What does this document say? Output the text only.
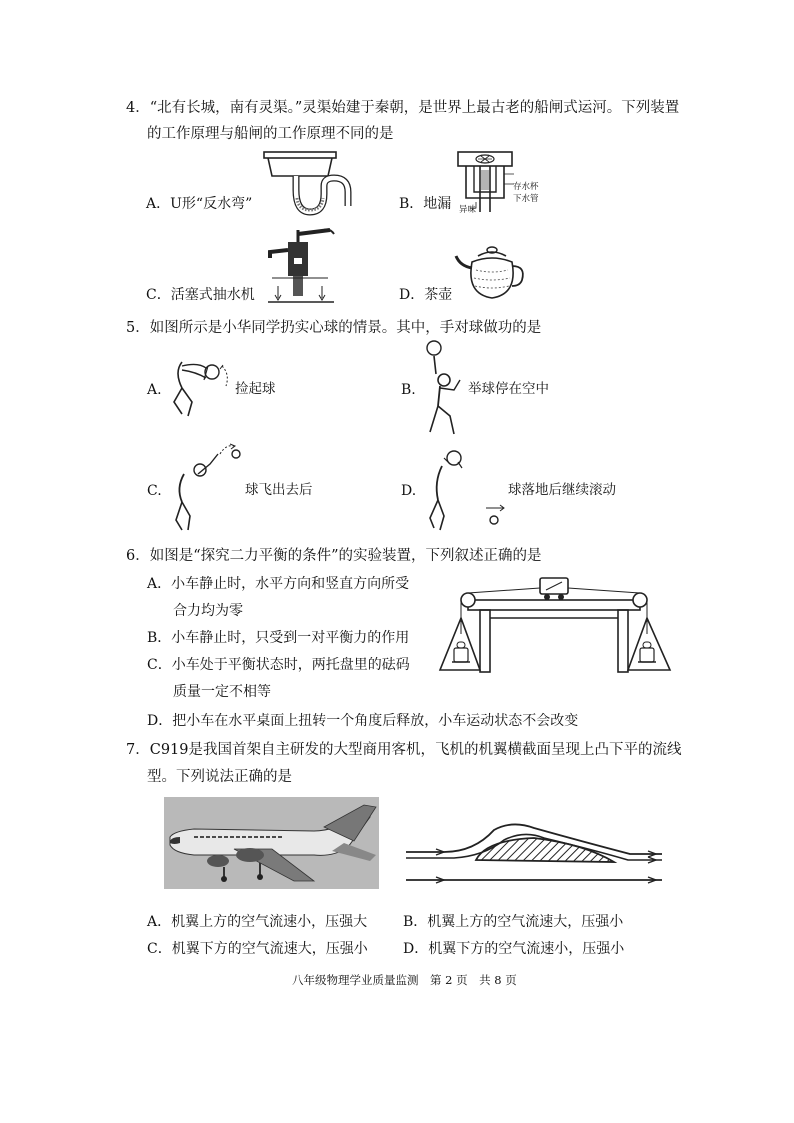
4．“北有长城，南有灵渠。”灵渠始建于秦朝，是世界上最古老的船闸式运河。下列装置
的工作原理与船闸的工作原理不同的是
A．U形“反水弯”
存水杯
下水管
异味
B．地漏
C．活塞式抽水机	D．茶壶
5．如图所示是小华同学扔实心球的情景。其中，手对球做功的是
A.	捡起球	B.	举球停在空中
C.	球飞出去后	D.	球落地后继续滚动
6．如图是“探究二力平衡的条件”的实验装置，下列叙述正确的是
A．小车静止时，水平方向和竖直方向所受
合力均为零
B．小车静止时，只受到一对平衡力的作用
C．小车处于平衡状态时，两托盘里的砝码
质量一定不相等
D．把小车在水平桌面上扭转一个角度后释放，小车运动状态不会改变
7．C919是我国首架自主研发的大型商用客机，飞机的机翼横截面呈现上凸下平的流线
型。下列说法正确的是
A．机翼上方的空气流速小，压强大	B．机翼上方的空气流速大，压强小
C．机翼下方的空气流速大，压强小	D．机翼下方的空气流速小，压强小
八年级物理学业质量监测　第 2 页　共 8 页
